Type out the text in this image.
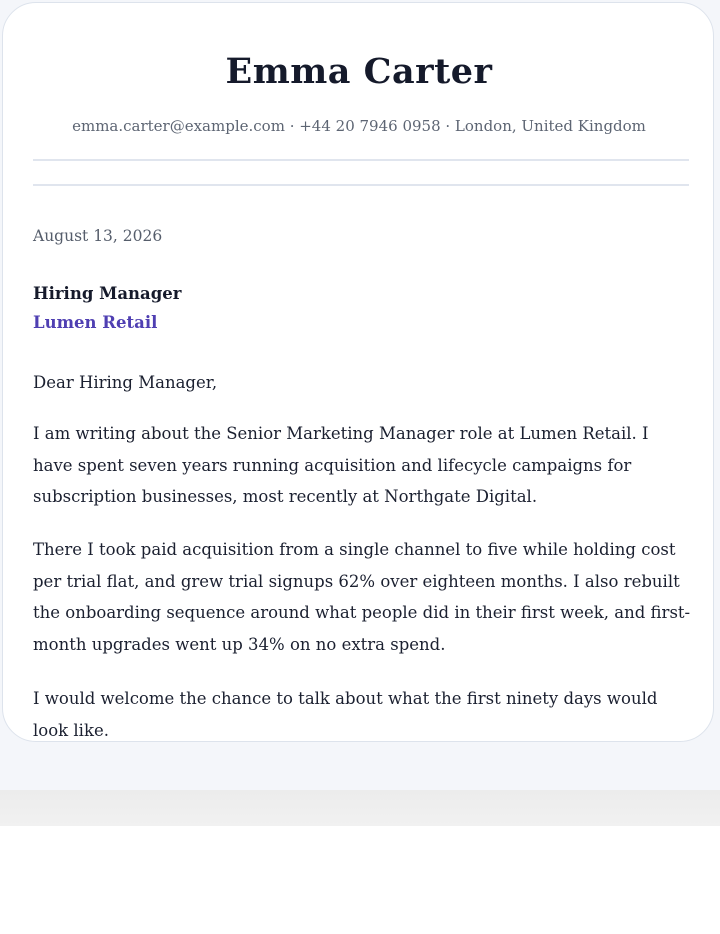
Emma Carter
emma.carter@example.com · +44 20 7946 0958 · London, United Kingdom
August 13, 2026
Hiring Manager
Lumen Retail
Dear Hiring Manager,

I am writing about the Senior Marketing Manager role at Lumen Retail. I have spent seven years running acquisition and lifecycle campaigns for subscription businesses, most recently at Northgate Digital.

There I took paid acquisition from a single channel to five while holding cost per trial flat, and grew trial signups 62% over eighteen months. I also rebuilt the onboarding sequence around what people did in their first week, and first-month upgrades went up 34% on no extra spend.

I would welcome the chance to talk about what the first ninety days would look like.
